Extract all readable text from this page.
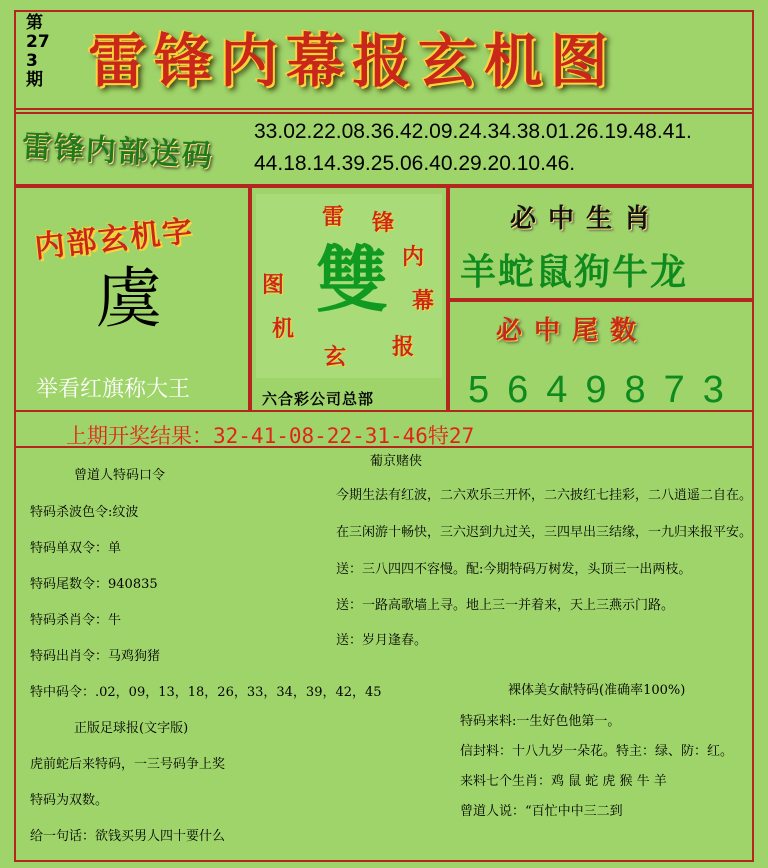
第273期 雷锋内幕报玄机图
雷锋内部送码 33.02.22.08.36.42.09.24.34.38.01.26.19.48.41.
44.18.14.39.25.06.40.29.20.10.46.
内部玄机字
虞
举看红旗称大王
雙
雷 锋
内
幕
报
玄
机
图
六合彩公司总部
必中生肖
羊蛇鼠狗牛龙
必中尾数
5649873
上期开奖结果：32-41-08-22-31-46特27
曾道人特码口令
特码杀波色令:纹波
特码单双令：单
特码尾数令：940835
特码杀肖令：牛
特码出肖令：马鸡狗猪
特中码令：.02，09，13，18，26，33，34，39，42，45
正版足球报(文字版)
虎前蛇后来特码，一三号码争上奖
特码为双数。
给一句话：欲钱买男人四十要什么
葡京赌侠
今期生法有红波，二六欢乐三开怀，二六披红七挂彩，二八逍遥二自在。
在三闲游十畅快，三六迟到九过关，三四早出三结缘，一九归来报平安。
送：三八四四不容慢。配:今期特码万树发，头顶三一出两枝。
送：一路高歌墙上寻。地上三一并着来，天上三燕示门路。
送：岁月逢春。
裸体美女献特码(准确率100%)
特码来料:一生好色他第一。
信封料：十八九岁一朵花。特主：绿、防：红。
来料七个生肖：鸡 鼠 蛇 虎 猴 牛 羊
曾道人说：“百忙中中三二到
